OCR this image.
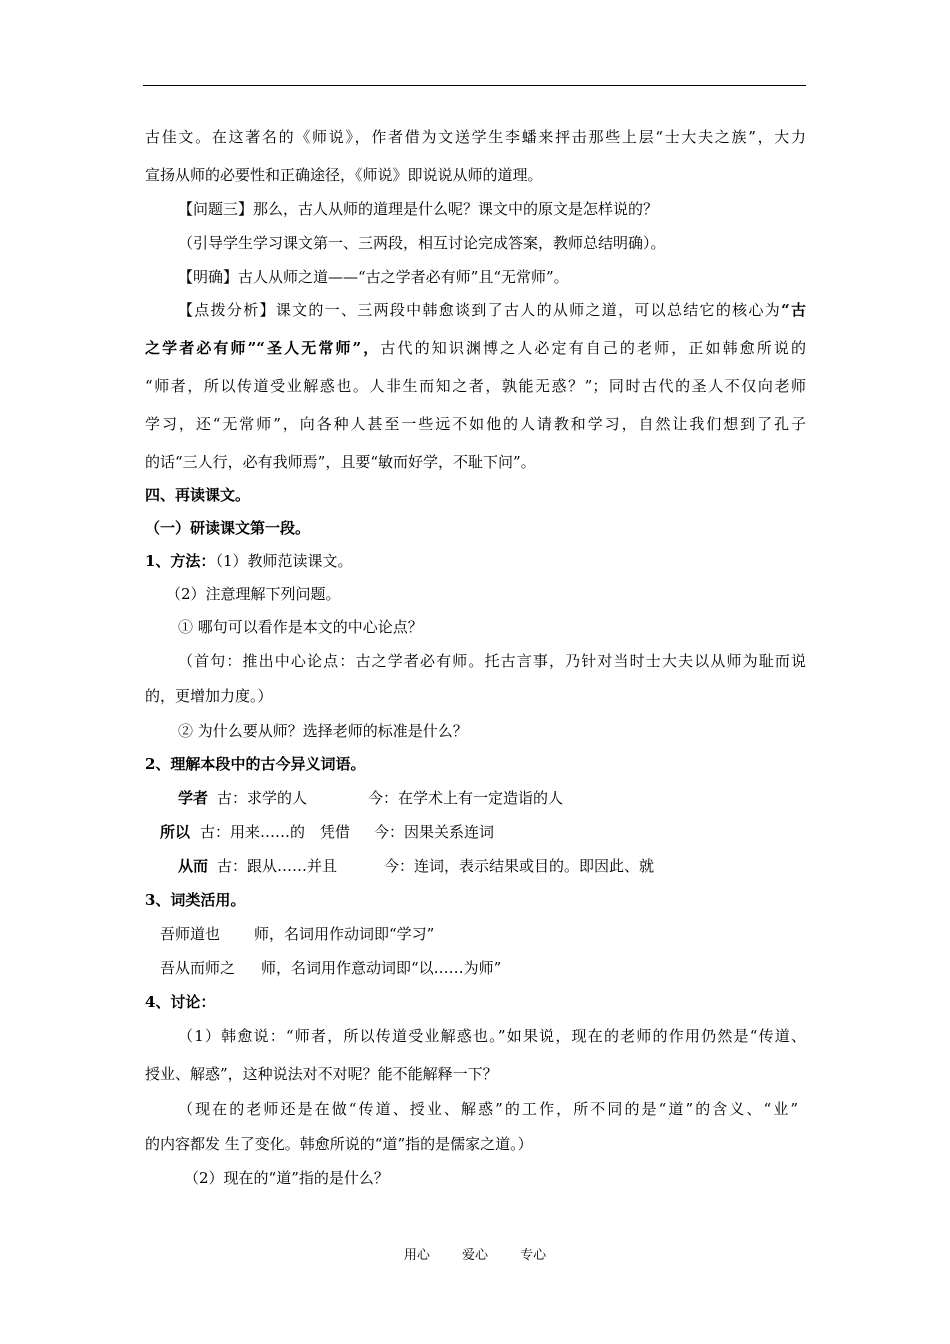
古佳文。在这著名的《师说》，作者借为文送学生李蟠来抨击那些上层“士大夫之族”，大力
宣扬从师的必要性和正确途径，《师说》即说说从师的道理。
【问题三】那么，古人从师的道理是什么呢？课文中的原文是怎样说的？
（引导学生学习课文第一、三两段，相互讨论完成答案，教师总结明确）。
【明确】古人从师之道——“古之学者必有师”且“无常师”。
【点拨分析】课文的一、三两段中韩愈谈到了古人的从师之道，可以总结它的核心为“古
之学者必有师”“圣人无常师”，古代的知识渊博之人必定有自己的老师，正如韩愈所说的
“师者，所以传道受业解惑也。人非生而知之者，孰能无惑？”；同时古代的圣人不仅向老师
学习，还“无常师”，向各种人甚至一些远不如他的人请教和学习，自然让我们想到了孔子
的话“三人行，必有我师焉”，且要“敏而好学，不耻下问”。
四、再读课文。
（一）研读课文第一段。
1、方法：（1）教师范读课文。
（2）注意理解下列问题。
① 哪句可以看作是本文的中心论点？
（首句：推出中心论点：古之学者必有师。托古言事，乃针对当时士大夫以从师为耻而说
的，更增加力度。）
② 为什么要从师？选择老师的标准是什么？
2、理解本段中的古今异义词语。
学者 古：求学的人	今：在学术上有一定造诣的人
所以 古：用来……的　凭借 今：因果关系连词
从而 古：跟从……并且	今：连词，表示结果或目的。即因此、就
3、词类活用。
吾师道也 师，名词用作动词即“学习”
吾从而师之 师，名词用作意动词即“以……为师”
4、讨论：
（1）韩愈说：“师者，所以传道受业解惑也。”如果说，现在的老师的作用仍然是“传道、
授业、解惑”，这种说法对不对呢？能不能解释一下？
（现在的老师还是在做“传道、授业、解惑”的工作，所不同的是“道”的含义、“业”
的内容都发 生了变化。韩愈所说的“道”指的是儒家之道。）
（2）现在的“道”指的是什么？
用心 爱心 专心
